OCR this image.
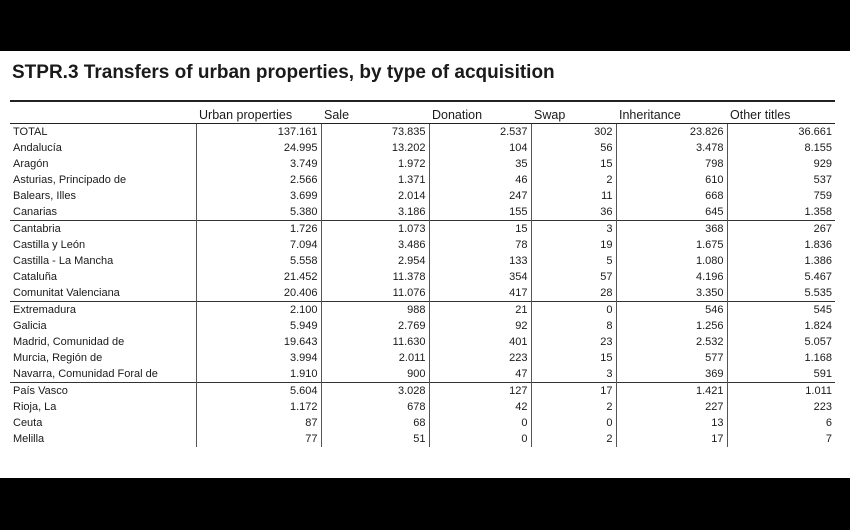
STPR.3 Transfers of urban properties, by type of acquisition
	Urban properties	Sale	Donation	Swap	Inheritance	Other titles
TOTAL	137.161	73.835	2.537	302	23.826	36.661
Andalucía	24.995	13.202	104	56	3.478	8.155
Aragón	3.749	1.972	35	15	798	929
Asturias, Principado de	2.566	1.371	46	2	610	537
Balears, Illes	3.699	2.014	247	11	668	759
Canarias	5.380	3.186	155	36	645	1.358
Cantabria	1.726	1.073	15	3	368	267
Castilla y León	7.094	3.486	78	19	1.675	1.836
Castilla - La Mancha	5.558	2.954	133	5	1.080	1.386
Cataluña	21.452	11.378	354	57	4.196	5.467
Comunitat Valenciana	20.406	11.076	417	28	3.350	5.535
Extremadura	2.100	988	21	0	546	545
Galicia	5.949	2.769	92	8	1.256	1.824
Madrid, Comunidad de	19.643	11.630	401	23	2.532	5.057
Murcia, Región de	3.994	2.011	223	15	577	1.168
Navarra, Comunidad Foral de	1.910	900	47	3	369	591
País Vasco	5.604	3.028	127	17	1.421	1.011
Rioja, La	1.172	678	42	2	227	223
Ceuta	87	68	0	0	13	6
Melilla	77	51	0	2	17	7
